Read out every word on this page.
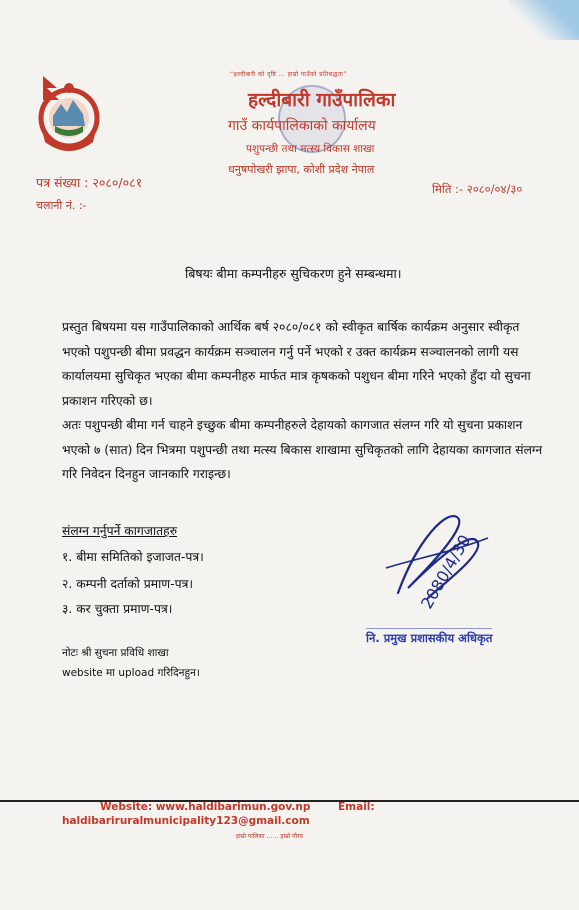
“हल्दीबारी को दृष्टि … हाम्रो गाउँको प्रतिबद्धता”
हल्दीबारी गाउँपालिका
गाउँ कार्यपालिकाको कार्यालय
पशुपन्छी तथा मत्स्य विकास शाखा
धनुषपोखरी झापा, कोशी प्रदेश नेपाल
पत्र संख्या : २०८०/०८१
चलानी नं. :-
मिति :- २०८०/०४/३०
बिषयः बीमा कम्पनीहरु सुचिकरण हुने सम्बन्धमा।
प्रस्तुत बिषयमा यस गाउँपालिकाको आर्थिक बर्ष २०८०/०८१ को स्वीकृत बार्षिक कार्यक्रम अनुसार स्वीकृत भएको पशुपन्छी बीमा प्रवद्धन कार्यक्रम सञ्चालन गर्नु पर्ने भएको र उक्त कार्यक्रम सञ्चालनको लागी यस कार्यालयमा सुचिकृत भएका बीमा कम्पनीहरु मार्फत मात्र कृषकको पशुधन बीमा गरिने भएको हुँदा यो सुचना प्रकाशन गरिएको छ।
अतः पशुपन्छी बीमा गर्न चाहने इच्छुक बीमा कम्पनीहरुले देहायको कागजात संलग्न गरि यो सुचना प्रकाशन भएको ७ (सात) दिन भित्रमा पशुपन्छी तथा मत्स्य बिकास शाखामा सुचिकृतको लागि देहायका कागजात संलग्न गरि निवेदन दिनहुन जानकारि गराइन्छ।
संलग्न गर्नुपर्ने कागजातहरु
१. बीमा समितिको इजाजत-पत्र।
२. कम्पनी दर्ताको प्रमाण-पत्र।
३. कर चुक्ता प्रमाण-पत्र।
नोटः श्री सुचना प्रविधि शाखा
website मा upload गरिदिनहुन।
2080/4/30
नि. प्रमुख प्रशासकीय अधिकृत
Website: www.haldibarimun.gov.np	Email:
haldibariruralmunicipality123@gmail.com
हाम्रो पालिका …… हाम्रो गौरव
